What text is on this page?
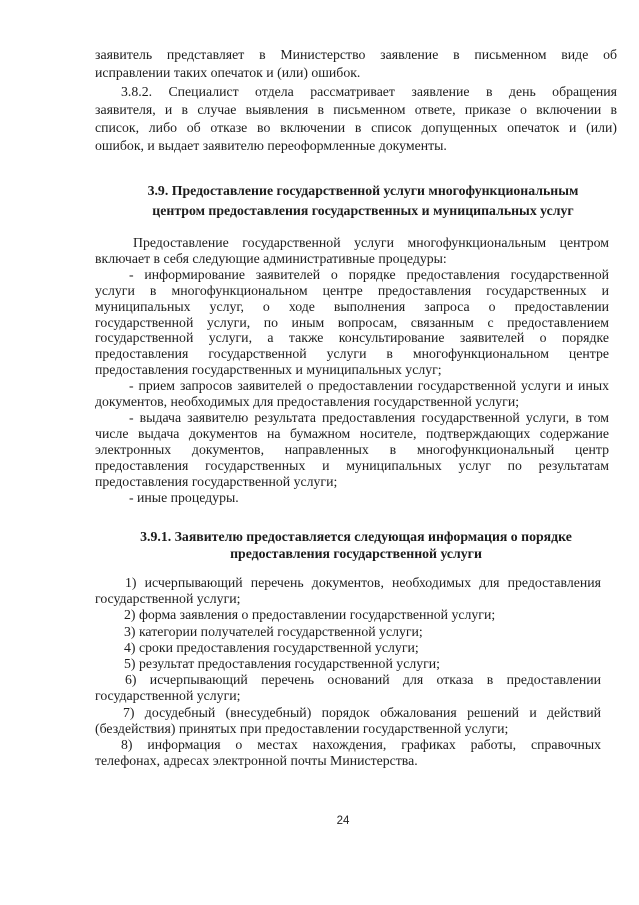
заявитель представляет в Министерство заявление в письменном виде об
исправлении таких опечаток и (или) ошибок.
3.8.2. Специалист отдела рассматривает заявление в день обращения
заявителя, и в случае выявления в письменном ответе, приказе о включении в
список, либо об отказе во включении в список допущенных опечаток и (или)
ошибок, и выдает заявителю переоформленные документы.
3.9. Предоставление государственной услуги многофункциональным
центром предоставления государственных и муниципальных услуг
Предоставление государственной услуги многофункциональным центром
включает в себя следующие административные процедуры:
- информирование заявителей о порядке предоставления государственной
услуги в многофункциональном центре предоставления государственных и
муниципальных услуг, о ходе выполнения запроса о предоставлении
государственной услуги, по иным вопросам, связанным с предоставлением
государственной услуги, а также консультирование заявителей о порядке
предоставления государственной услуги в многофункциональном центре
предоставления государственных и муниципальных услуг;
- прием запросов заявителей о предоставлении государственной услуги и иных
документов, необходимых для предоставления государственной услуги;
- выдача заявителю результата предоставления государственной услуги, в том
числе выдача документов на бумажном носителе, подтверждающих содержание
электронных документов, направленных в многофункциональный центр
предоставления государственных и муниципальных услуг по результатам
предоставления государственной услуги;
- иные процедуры.
3.9.1. Заявителю предоставляется следующая информация о порядке
предоставления государственной услуги
1) исчерпывающий перечень документов, необходимых для предоставления
государственной услуги;
2) форма заявления о предоставлении государственной услуги;
3) категории получателей государственной услуги;
4) сроки предоставления государственной услуги;
5) результат предоставления государственной услуги;
6) исчерпывающий перечень оснований для отказа в предоставлении
государственной услуги;
7) досудебный (внесудебный) порядок обжалования решений и действий
(бездействия) принятых при предоставлении государственной услуги;
8) информация о местах нахождения, графиках работы, справочных
телефонах, адресах электронной почты Министерства.
24
